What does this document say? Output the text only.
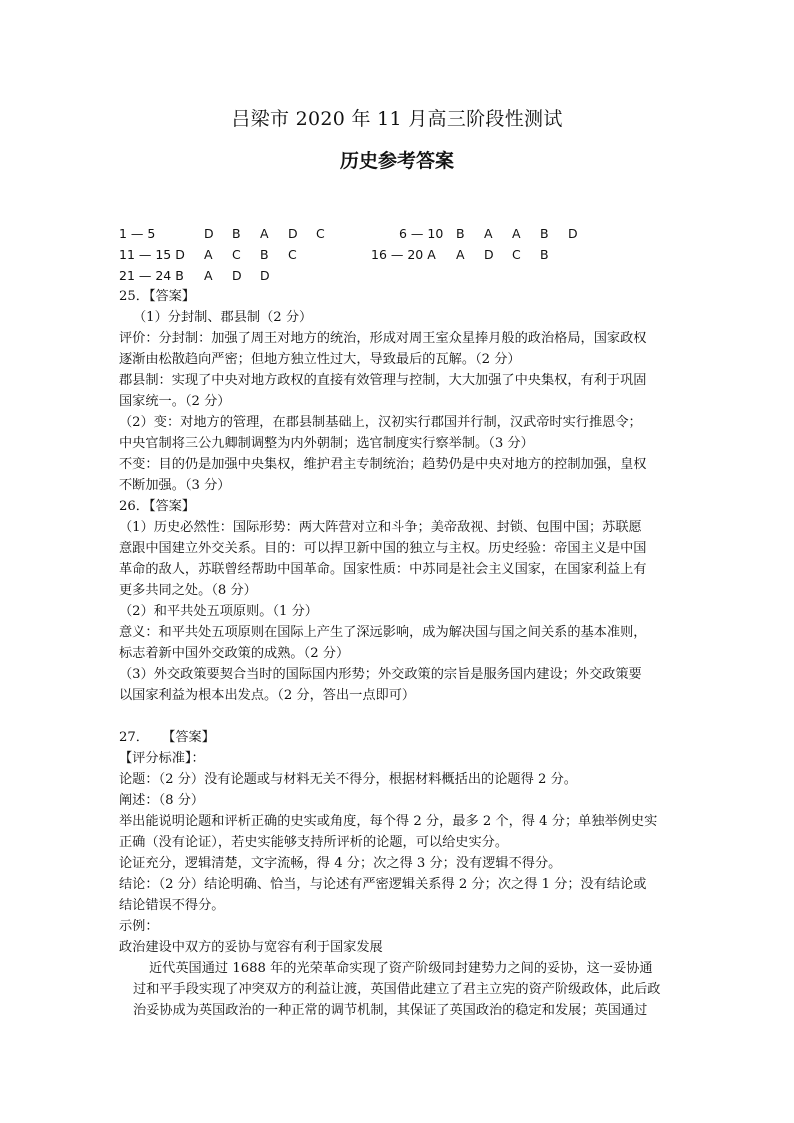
吕梁市 2020 年 11 月高三阶段性测试
历史参考答案
1 — 5	D B A D C	6 — 10 B A A B D
11 — 15 D A C B C	16 — 20 A A D C B
21 — 24 B A D D

25．【答案】

（1）分封制、郡县制（2 分）

评价：分封制：加强了周王对地方的统治，形成对周王室众星捧月般的政治格局，国家政权

逐渐由松散趋向严密；但地方独立性过大，导致最后的瓦解。（2 分）

郡县制：实现了中央对地方政权的直接有效管理与控制，大大加强了中央集权，有利于巩固

国家统一。（2 分）

（2）变：对地方的管理，在郡县制基础上，汉初实行郡国并行制，汉武帝时实行推恩令；

中央官制将三公九卿制调整为内外朝制；选官制度实行察举制。（3 分）

不变：目的仍是加强中央集权，维护君主专制统治；趋势仍是中央对地方的控制加强，皇权

不断加强。（3 分）

26．【答案】

（1）历史必然性：国际形势：两大阵营对立和斗争；美帝敌视、封锁、包围中国；苏联愿

意跟中国建立外交关系。目的：可以捍卫新中国的独立与主权。历史经验：帝国主义是中国

革命的敌人，苏联曾经帮助中国革命。国家性质：中苏同是社会主义国家，在国家利益上有

更多共同之处。（8 分）

（2）和平共处五项原则。（1 分）

意义：和平共处五项原则在国际上产生了深远影响，成为解决国与国之间关系的基本准则，

标志着新中国外交政策的成熟。（2 分）

（3）外交政策要契合当时的国际国内形势；外交政策的宗旨是服务国内建设；外交政策要

以国家利益为根本出发点。（2 分，答出一点即可）

27．　　【答案】

【评分标准】：

论题：（2 分）没有论题或与材料无关不得分，根据材料概括出的论题得 2 分。

阐述：（8 分）

举出能说明论题和评析正确的史实或角度，每个得 2 分，最多 2 个，得 4 分；单独举例史实

正确（没有论证），若史实能够支持所评析的论题，可以给史实分。

论证充分，逻辑清楚，文字流畅，得 4 分；次之得 3 分；没有逻辑不得分。

结论：（2 分）结论明确、恰当，与论述有严密逻辑关系得 2 分；次之得 1 分；没有结论或

结论错误不得分。

示例：

政治建设中双方的妥协与宽容有利于国家发展

近代英国通过 1688 年的光荣革命实现了资产阶级同封建势力之间的妥协，这一妥协通

过和平手段实现了冲突双方的利益让渡，英国借此建立了君主立宪的资产阶级政体，此后政

治妥协成为英国政治的一种正常的调节机制，其保证了英国政治的稳定和发展；英国通过
